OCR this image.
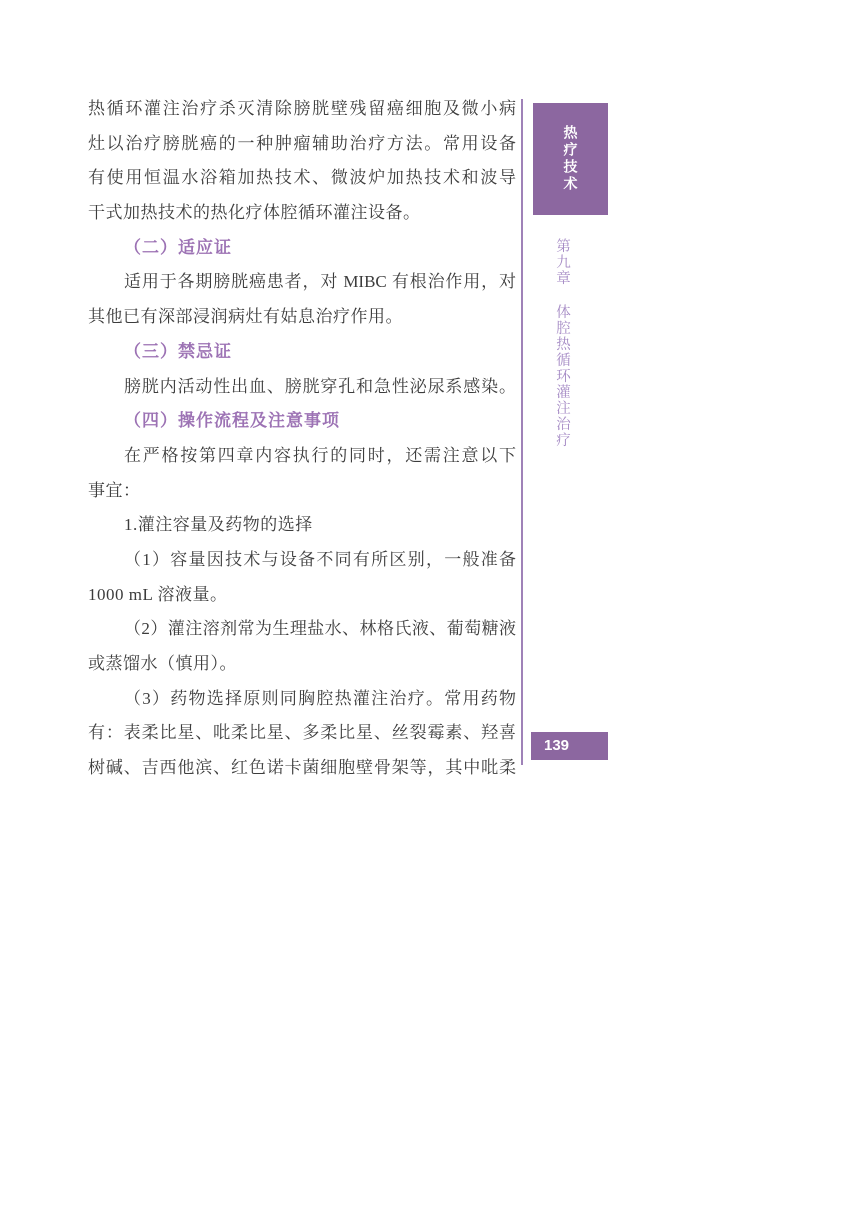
热循环灌注治疗杀灭清除膀胱壁残留癌细胞及微小病
灶以治疗膀胱癌的一种肿瘤辅助治疗方法。常用设备
有使用恒温水浴箱加热技术、微波炉加热技术和波导
干式加热技术的热化疗体腔循环灌注设备。
（二）适应证
适用于各期膀胱癌患者，对 MIBC 有根治作用，对
其他已有深部浸润病灶有姑息治疗作用。
（三）禁忌证
膀胱内活动性出血、膀胱穿孔和急性泌尿系感染。
（四）操作流程及注意事项
在严格按第四章内容执行的同时，还需注意以下
事宜：
1.灌注容量及药物的选择
（1）容量因技术与设备不同有所区别，一般准备
1000 mL 溶液量。
（2）灌注溶剂常为生理盐水、林格氏液、葡萄糖液
或蒸馏水（慎用）。
（3）药物选择原则同胸腔热灌注治疗。常用药物
有：表柔比星、吡柔比星、多柔比星、丝裂霉素、羟喜
树碱、吉西他滨、红色诺卡菌细胞壁骨架等，其中吡柔
热疗技术
第九章体腔热循环灌注治疗
139
